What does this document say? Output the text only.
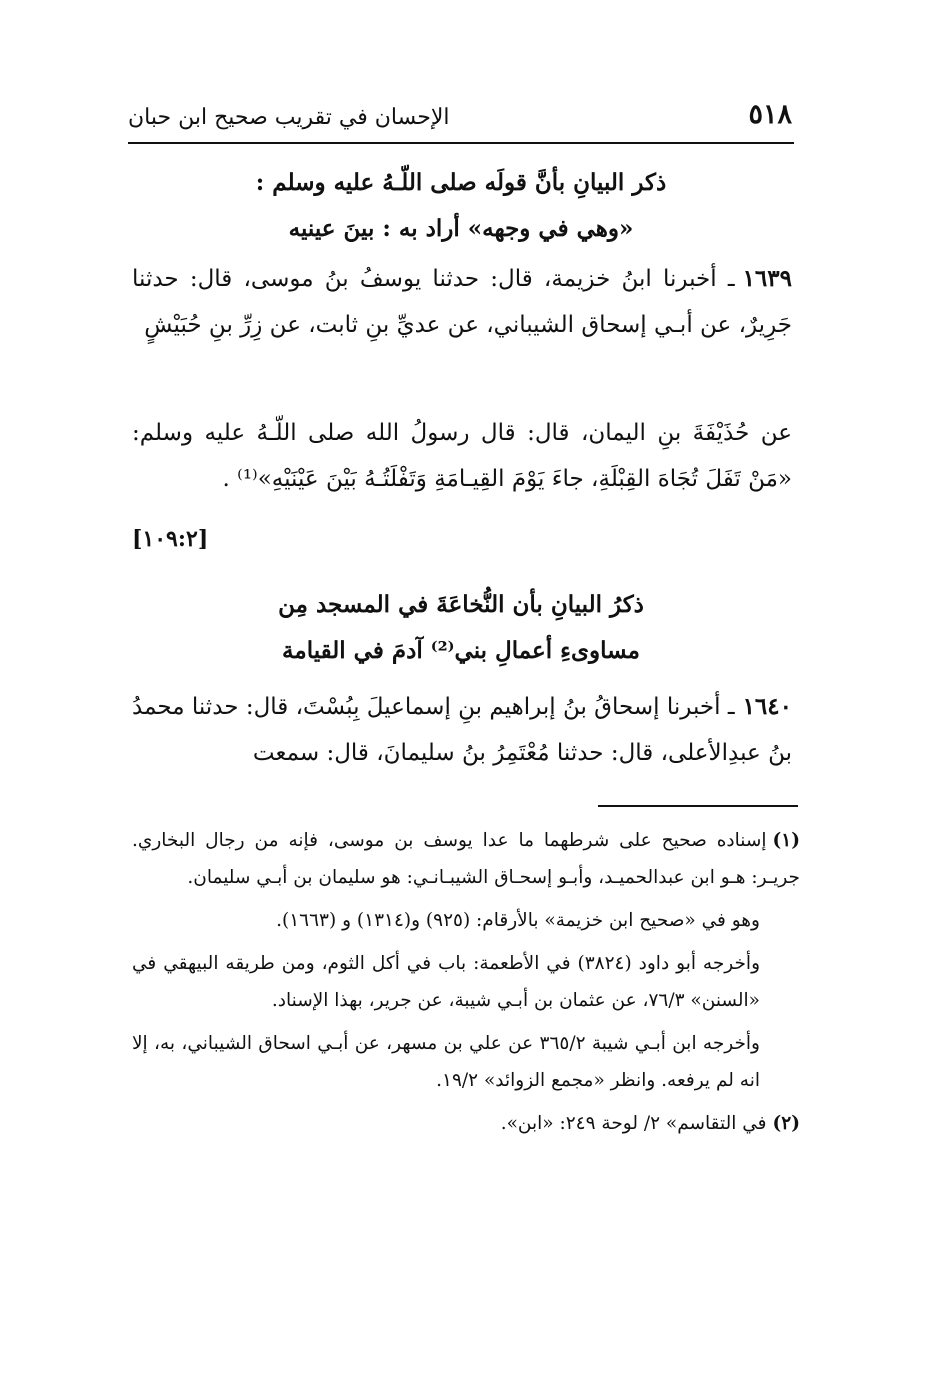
٥١٨
الإحسان في تقريب صحيح ابن حبان
ذكر البيانِ بأنَّ قولَه صلى اللّـهُ عليه وسلم :
«وهي في وجهه» أراد به : بينَ عينيه
١٦٣٩ـ أخبرنا ابنُ خزيمة، قال: حدثنا يوسفُ بنُ موسى، قال: حدثنا جَرِيرٌ، عن أبـي إسحاق الشيباني، عن عديِّ بنِ ثابت، عن زِرِّ بنِ حُبَيْشٍ
عن حُذَيْفَةَ بنِ اليمان، قال: قال رسولُ الله صلى اللّـهُ عليه وسلم: «مَنْ تَفَلَ تُجَاهَ القِبْلَةِ، جاءَ يَوْمَ القِيـامَةِ وَتَفْلَتُـهُ بَيْنَ عَيْنَيْهِ»⁽¹⁾ .
[١٠٩:٢]
ذكرُ البيانِ بأن النُّخاعَةَ في المسجد مِن
مساوىءِ أعمالِ بني⁽²⁾ آدمَ في القيامة
١٦٤٠ـ أخبرنا إسحاقُ بنُ إبراهيم بنِ إسماعيلَ بِبُسْتَ، قال: حدثنا محمدُ بنُ عبدِالأعلى، قال: حدثنا مُعْتَمِرُ بنُ سليمانَ، قال: سمعت
(١)إسناده صحيح على شرطهما ما عدا يوسف بن موسى، فإنه من رجال البخاري. جريـر: هـو ابن عبدالحميـد، وأبـو إسحـاق الشيبـانـي: هو سليمان بن أبـي سليمان.
وهو في «صحيح ابن خزيمة» بالأرقام: (٩٢٥) و(١٣١٤) و (١٦٦٣).
وأخرجه أبو داود (٣٨٢٤) في الأطعمة: باب في أكل الثوم، ومن طريقه البيهقي في «السنن» ٧٦/٣، عن عثمان بن أبـي شيبة، عن جرير، بهذا الإسناد.
وأخرجه ابن أبـي شيبة ٣٦٥/٢ عن علي بن مسهر، عن أبـي اسحاق الشيباني، به، إلا انه لم يرفعه. وانظر «مجمع الزوائد» ١٩/٢.
(٢)في التقاسم» ٢/ لوحة ٢٤٩: «ابن».
